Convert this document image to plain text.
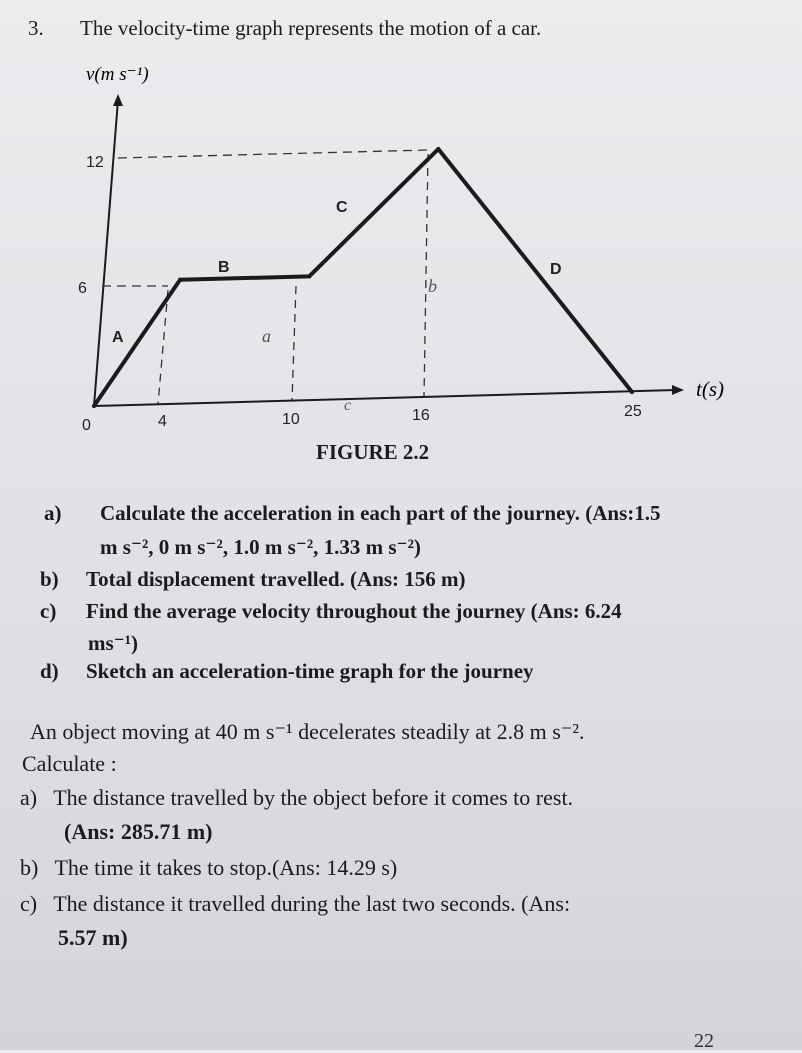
3. The velocity-time graph represents the motion of a car.
v(m s⁻¹)
t(s)
12
6
0	4	10	16	25
A
B
C
D
a
b
c
FIGURE 2.2
a) Calculate the acceleration in each part of the journey. (Ans:1.5
m s⁻², 0 m s⁻², 1.0 m s⁻², 1.33 m s⁻²)
b) Total displacement travelled. (Ans: 156 m)
c) Find the average velocity throughout the journey (Ans: 6.24
ms⁻¹)
d) Sketch an acceleration-time graph for the journey
An object moving at 40 m s⁻¹ decelerates steadily at 2.8 m s⁻².
Calculate :
a) The distance travelled by the object before it comes to rest.
(Ans: 285.71 m)
b) The time it takes to stop.(Ans: 14.29 s)
c) The distance it travelled during the last two seconds. (Ans:
5.57 m)
22
